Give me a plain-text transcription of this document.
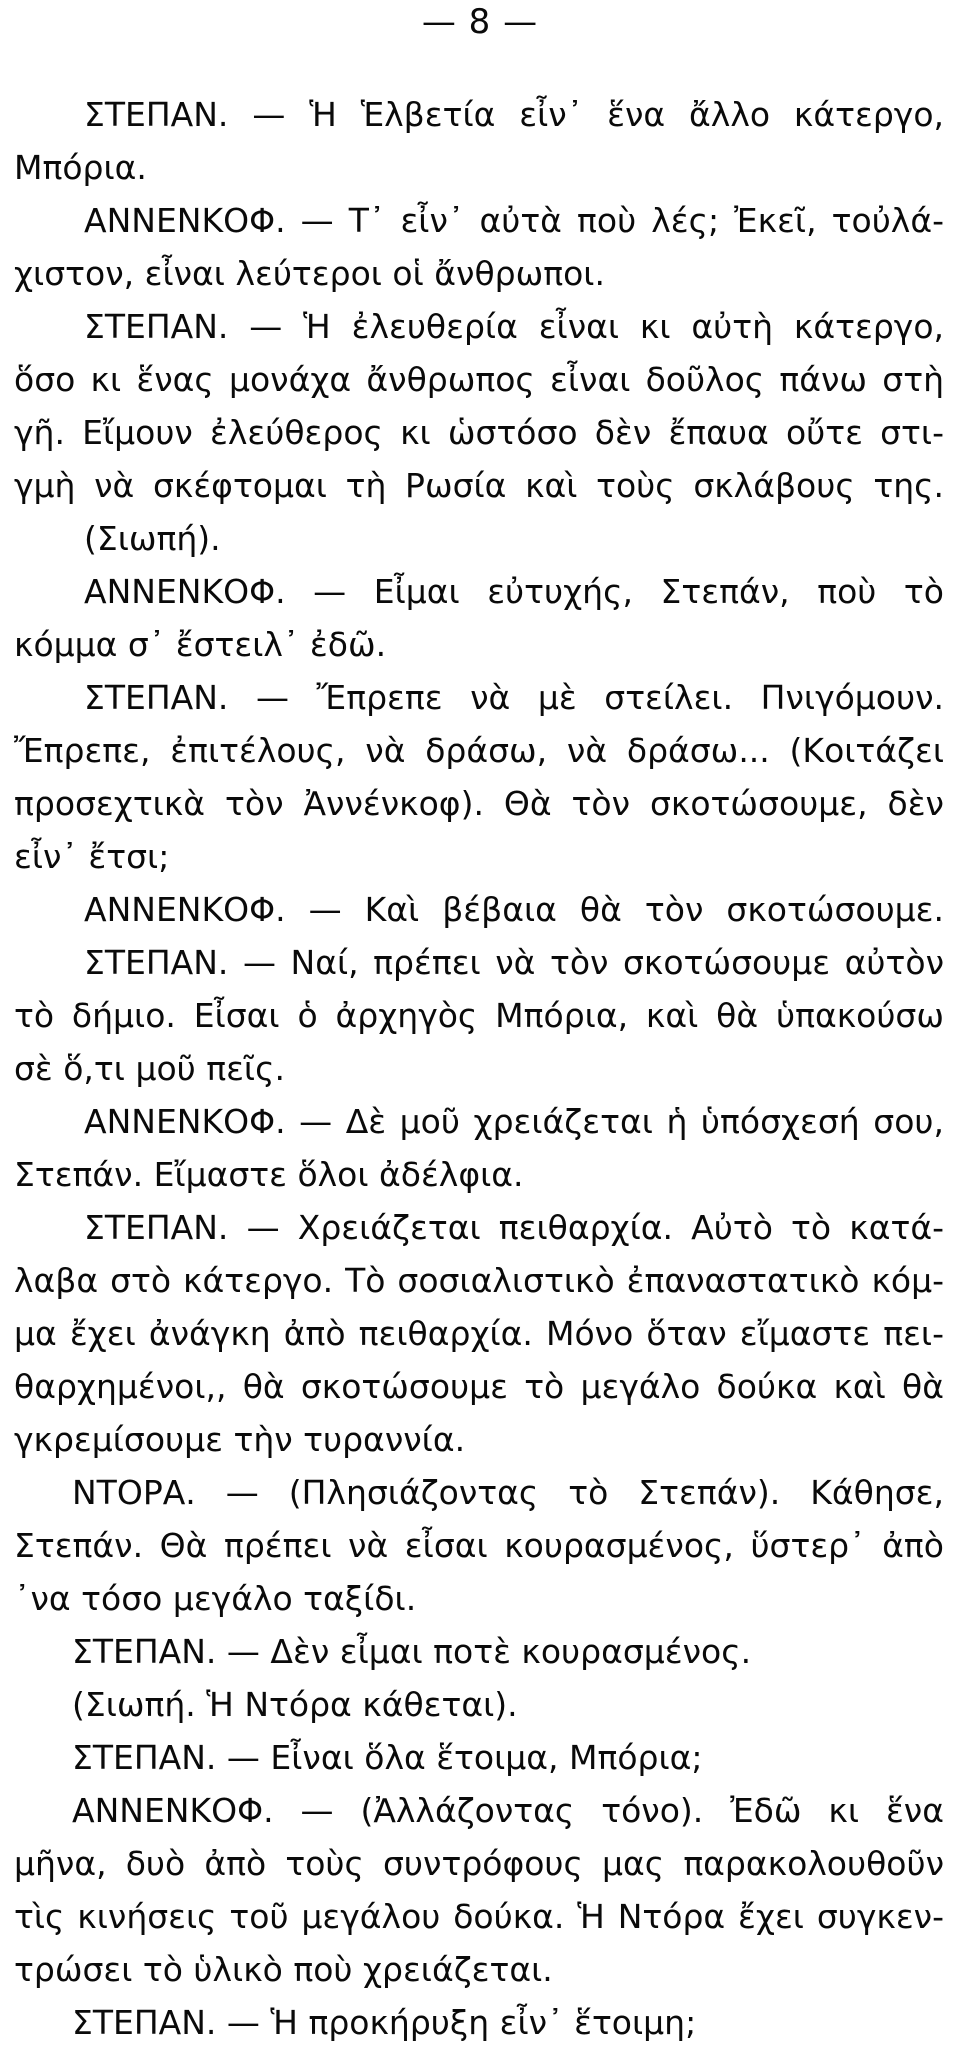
— 8 —
ΣΤΕΠΑΝ. — Ἡ Ἑλβετία εἶν᾽ ἕνα ἄλλο κάτεργο,
Μπόρια.
ΑΝΝΕΝΚΟΦ. — Τ᾽ εἶν᾽ αὐτὰ ποὺ λές; Ἐκεῖ, τοὐλά-
χιστον, εἶναι λεύτεροι οἱ ἄνθρωποι.
ΣΤΕΠΑΝ. — Ἡ ἐλευθερία εἶναι κι αὐτὴ κάτεργο,
ὅσο κι ἕνας μονάχα ἄνθρωπος εἶναι δοῦλος πάνω στὴ
γῆ. Εἴμουν ἐλεύθερος κι ὡστόσο δὲν ἔπαυα οὔτε στι-
γμὴ νὰ σκέφτομαι τὴ Ρωσία καὶ τοὺς σκλάβους της.
(Σιωπή).
ΑΝΝΕΝΚΟΦ. — Εἶμαι εὐτυχής, Στεπάν, ποὺ τὸ
κόμμα σ᾽ ἔστειλ᾽ ἐδῶ.
ΣΤΕΠΑΝ. — Ἔπρεπε νὰ μὲ στείλει. Πνιγόμουν.
Ἔπρεπε, ἐπιτέλους, νὰ δράσω, νὰ δράσω... (Κοιτάζει
προσεχτικὰ τὸν Ἀννένκοφ). Θὰ τὸν σκοτώσουμε, δὲν
εἶν᾽ ἔτσι;
ΑΝΝΕΝΚΟΦ. — Καὶ βέβαια θὰ τὸν σκοτώσουμε.
ΣΤΕΠΑΝ. — Ναί, πρέπει νὰ τὸν σκοτώσουμε αὐτὸν
τὸ δήμιο. Εἶσαι ὁ ἀρχηγὸς Μπόρια, καὶ θὰ ὑπακούσω
σὲ ὅ,τι μοῦ πεῖς.
ΑΝΝΕΝΚΟΦ. — Δὲ μοῦ χρειάζεται ἡ ὑπόσχεσή σου,
Στεπάν. Εἴμαστε ὅλοι ἀδέλφια.
ΣΤΕΠΑΝ. — Χρειάζεται πειθαρχία. Αὐτὸ τὸ κατά-
λαβα στὸ κάτεργο. Τὸ σοσιαλιστικὸ ἐπαναστατικὸ κόμ-
μα ἔχει ἀνάγκη ἀπὸ πειθαρχία. Μόνο ὅταν εἴμαστε πει-
θαρχημένοι,, θὰ σκοτώσουμε τὸ μεγάλο δούκα καὶ θὰ
γκρεμίσουμε τὴν τυραννία.
ΝΤΟΡΑ. — (Πλησιάζοντας τὸ Στεπάν). Κάθησε,
Στεπάν. Θὰ πρέπει νὰ εἶσαι κουρασμένος, ὕστερ᾽ ἀπὸ
᾽να τόσο μεγάλο ταξίδι.
ΣΤΕΠΑΝ. — Δὲν εἶμαι ποτὲ κουρασμένος.
(Σιωπή. Ἡ Ντόρα κάθεται).
ΣΤΕΠΑΝ. — Εἶναι ὅλα ἕτοιμα, Μπόρια;
ΑΝΝΕΝΚΟΦ. — (Ἀλλάζοντας τόνο). Ἐδῶ κι ἕνα
μῆνα, δυὸ ἀπὸ τοὺς συντρόφους μας παρακολουθοῦν
τὶς κινήσεις τοῦ μεγάλου δούκα. Ἡ Ντόρα ἔχει συγκεν-
τρώσει τὸ ὑλικὸ ποὺ χρειάζεται.
ΣΤΕΠΑΝ. — Ἡ προκήρυξη εἶν᾽ ἕτοιμη;
